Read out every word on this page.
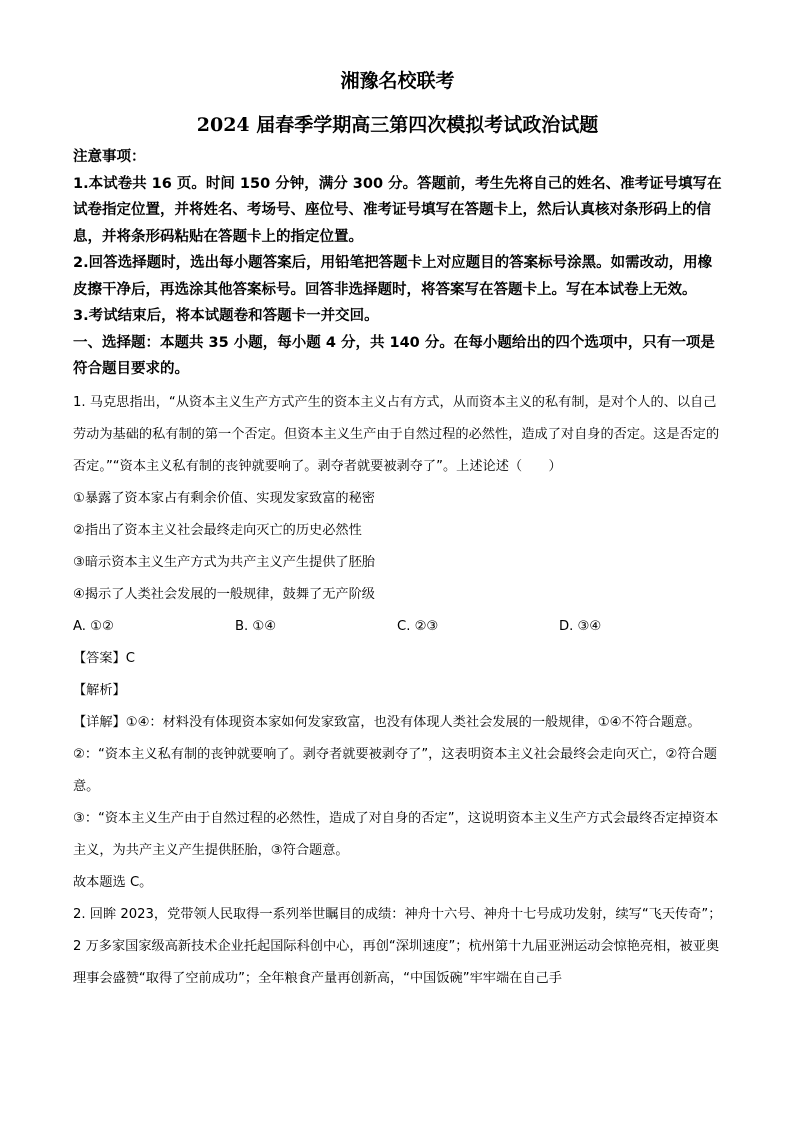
湘豫名校联考
2024 届春季学期高三第四次模拟考试政治试题

注意事项：

1.本试卷共 16 页。时间 150 分钟，满分 300 分。答题前，考生先将自己的姓名、准考证号填写在试卷指定位置，并将姓名、考场号、座位号、准考证号填写在答题卡上，然后认真核对条形码上的信息，并将条形码粘贴在答题卡上的指定位置。

2.回答选择题时，选出每小题答案后，用铅笔把答题卡上对应题目的答案标号涂黑。如需改动，用橡皮擦干净后，再选涂其他答案标号。回答非选择题时，将答案写在答题卡上。写在本试卷上无效。

3.考试结束后，将本试题卷和答题卡一并交回。

一、选择题：本题共 35 小题，每小题 4 分，共 140 分。在每小题给出的四个选项中，只有一项是符合题目要求的。

1. 马克思指出，“从资本主义生产方式产生的资本主义占有方式，从而资本主义的私有制，是对个人的、以自己劳动为基础的私有制的第一个否定。但资本主义生产由于自然过程的必然性，造成了对自身的否定。这是否定的否定。”“资本主义私有制的丧钟就要响了。剥夺者就要被剥夺了”。上述论述（　　）

①暴露了资本家占有剩余价值、实现发家致富的秘密

②指出了资本主义社会最终走向灭亡的历史必然性

③暗示资本主义生产方式为共产主义产生提供了胚胎

④揭示了人类社会发展的一般规律，鼓舞了无产阶级

A. ①②	B. ①④	C. ②③	D. ③④

【答案】C

【解析】

【详解】①④：材料没有体现资本家如何发家致富，也没有体现人类社会发展的一般规律，①④不符合题意。

②：“资本主义私有制的丧钟就要响了。剥夺者就要被剥夺了”，这表明资本主义社会最终会走向灭亡，②符合题意。

③：“资本主义生产由于自然过程的必然性，造成了对自身的否定”，这说明资本主义生产方式会最终否定掉资本主义，为共产主义产生提供胚胎，③符合题意。

故本题选 C。

2. 回眸 2023，党带领人民取得一系列举世瞩目的成绩：神舟十六号、神舟十七号成功发射，续写“飞天传奇”；2 万多家国家级高新技术企业托起国际科创中心，再创“深圳速度”；杭州第十九届亚洲运动会惊艳亮相，被亚奥理事会盛赞“取得了空前成功”；全年粮食产量再创新高，“中国饭碗”牢牢端在自己手
